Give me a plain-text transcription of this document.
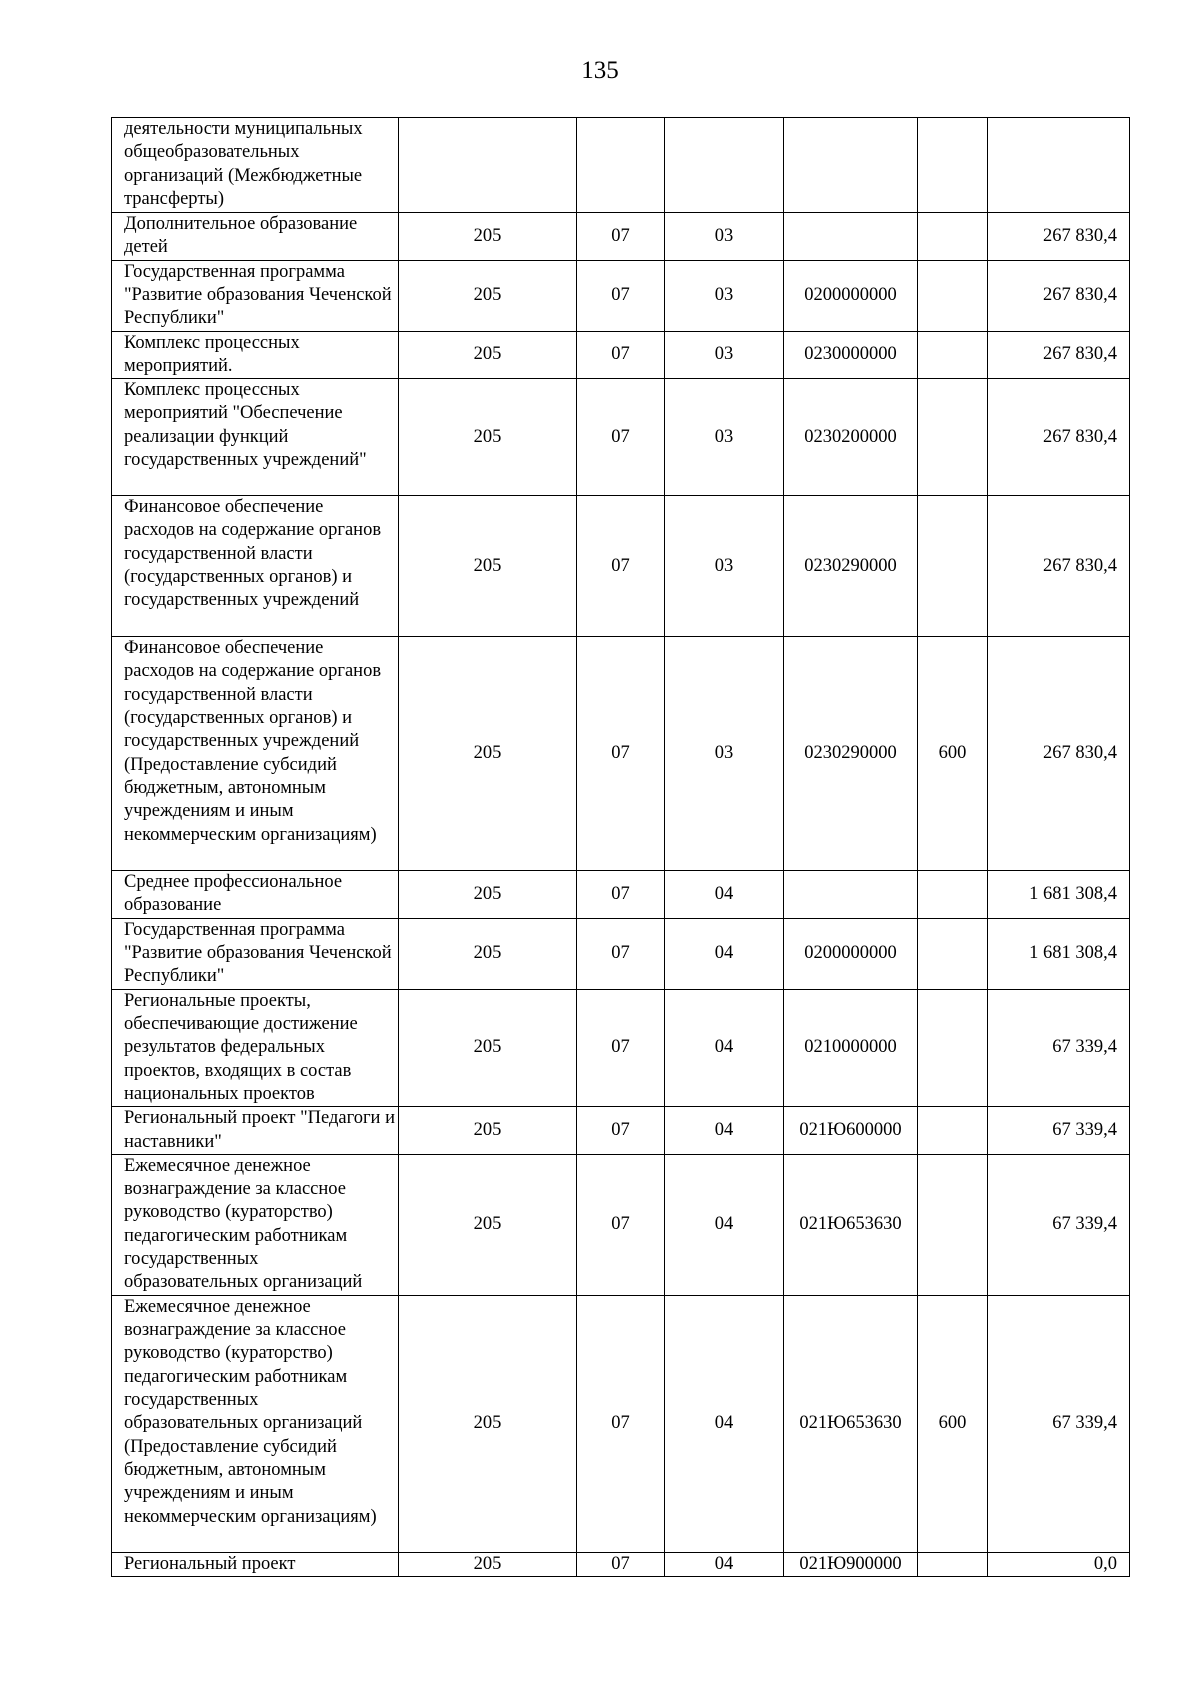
135
деятельности муниципальных общеобразовательных организаций (Межбюджетные трансферты)						
Дополнительное образование детей	205	07	03			267 830,4
Государственная программа "Развитие образования Чеченской Республики"	205	07	03	0200000000		267 830,4
Комплекс процессных мероприятий.	205	07	03	0230000000		267 830,4
Комплекс процессных мероприятий "Обеспечение реализации функций государственных учреждений"	205	07	03	0230200000		267 830,4
Финансовое обеспечение расходов на содержание органов государственной власти (государственных органов) и государственных учреждений	205	07	03	0230290000		267 830,4
Финансовое обеспечение расходов на содержание органов государственной власти (государственных органов) и государственных учреждений (Предоставление субсидий бюджетным, автономным учреждениям и иным некоммерческим организациям)	205	07	03	0230290000	600	267 830,4
Среднее профессиональное образование	205	07	04			1 681 308,4
Государственная программа "Развитие образования Чеченской Республики"	205	07	04	0200000000		1 681 308,4
Региональные проекты, обеспечивающие достижение результатов федеральных проектов, входящих в состав национальных проектов	205	07	04	0210000000		67 339,4
Региональный проект "Педагоги и наставники"	205	07	04	021Ю600000		67 339,4
Ежемесячное денежное вознаграждение за классное руководство (кураторство) педагогическим работникам государственных образовательных организаций	205	07	04	021Ю653630		67 339,4
Ежемесячное денежное вознаграждение за классное руководство (кураторство) педагогическим работникам государственных образовательных организаций (Предоставление субсидий бюджетным, автономным учреждениям и иным некоммерческим организациям)	205	07	04	021Ю653630	600	67 339,4
Региональный проект	205	07	04	021Ю900000		0,0
